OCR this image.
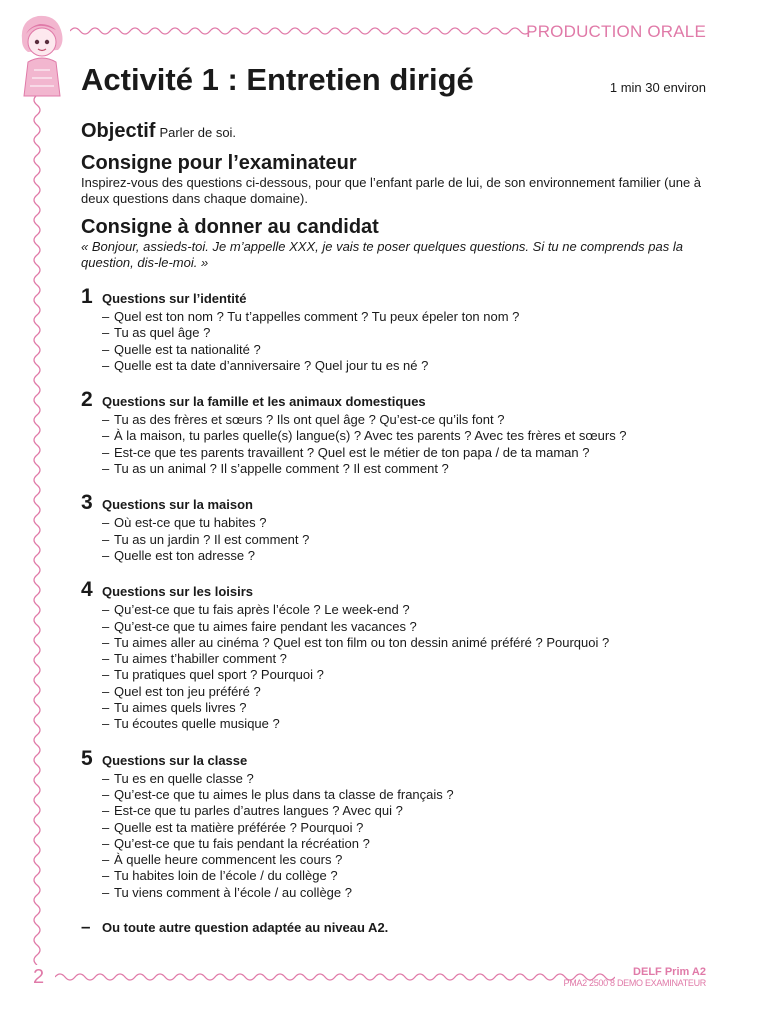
PRODUCTION ORALE
Activité 1 : Entretien dirigé	1 min 30 environ

Objectif Parler de soi.

Consigne pour l’examinateur

Inspirez-vous des questions ci-dessous, pour que l’enfant parle de lui, de son environnement familier (une à deux questions dans chaque domaine).

Consigne à donner au candidat

« Bonjour, assieds-toi. Je m’appelle XXX, je vais te poser quelques questions. Si tu ne comprends pas la question, dis-le-moi. »

1 Questions sur l’identité
– Quel est ton nom ? Tu t’appelles comment ? Tu peux épeler ton nom ?
– Tu as quel âge ?
– Quelle est ta nationalité ?
– Quelle est ta date d’anniversaire ? Quel jour tu es né ?
2 Questions sur la famille et les animaux domestiques
– Tu as des frères et sœurs ? Ils ont quel âge ? Qu’est-ce qu’ils font ?
– À la maison, tu parles quelle(s) langue(s) ? Avec tes parents ? Avec tes frères et sœurs ?
– Est-ce que tes parents travaillent ? Quel est le métier de ton papa / de ta maman ?
– Tu as un animal ? Il s’appelle comment ? Il est comment ?
3 Questions sur la maison
– Où est-ce que tu habites ?
– Tu as un jardin ? Il est comment ?
– Quelle est ton adresse ?
4 Questions sur les loisirs
– Qu’est-ce que tu fais après l’école ? Le week-end ?
– Qu’est-ce que tu aimes faire pendant les vacances ?
– Tu aimes aller au cinéma ? Quel est ton film ou ton dessin animé préféré ? Pourquoi ?
– Tu aimes t’habiller comment ?
– Tu pratiques quel sport ? Pourquoi ?
– Quel est ton jeu préféré ?
– Tu aimes quels livres ?
– Tu écoutes quelle musique ?
5 Questions sur la classe
– Tu es en quelle classe ?
– Qu’est-ce que tu aimes le plus dans ta classe de français ?
– Est-ce que tu parles d’autres langues ? Avec qui ?
– Quelle est ta matière préférée ? Pourquoi ?
– Qu’est-ce que tu fais pendant la récréation ?
– À quelle heure commencent les cours ?
– Tu habites loin de l’école / du collège ?
– Tu viens comment à l’école / au collège ?
– Ou toute autre question adaptée au niveau A2.
2	DELF Prim A2
PMA2 2500 8 DEMO EXAMINATEUR
